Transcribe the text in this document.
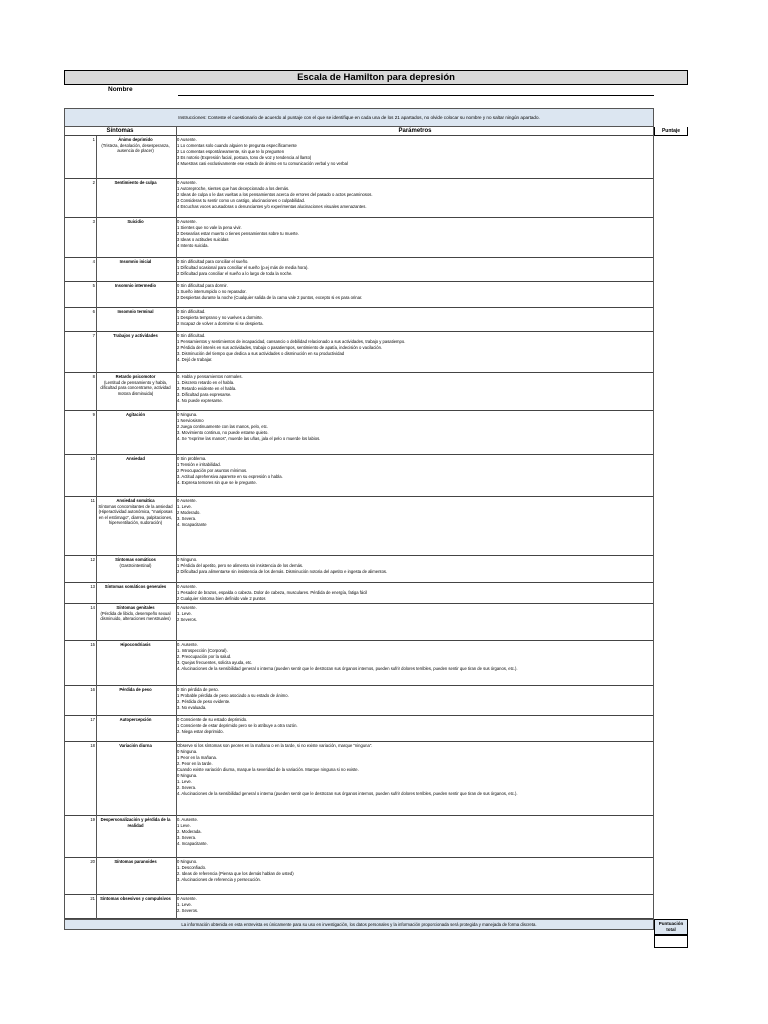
Escala de Hamilton para depresión
Nombre
Instrucciones: Conteste el cuestionario de acuerdo al puntaje con el que se identifique en cada una de los 21 apartados, no olvide colocar su nombre y no saltar ningún apartado.
Síntomas	Parámetros	Puntaje
1	Ánimo deprimido
(Tristeza, desolación, desesperanza, ausencia de placer)
0 Ausente.
1 Lo comentas solo cuando alguien te pregunta específicamente
2 Lo comentas espontáneamente, sin que te lo pregunten
3 Es notorio (Expresión facial, postura, tono de voz y tendencia al llanto)
4 Muestras casi exclusivamente ese estado de ánimo en tu comunicación verbal y no verbal
2	Sentimiento de culpa	0 Ausente.
1 Autoreproche, sientes que has decepcionado a los demás.
2 Ideas de culpa o le das vueltas a los pensamientos acerca de errores del pasado o actos pecaminosos.
3 Consideras tu sentir como un castigo, alucinaciones o culpabilidad.
4 Escuchas voces acusadoras o denunciantes y/o experimentas alucinaciones visuales amenazantes.
3	Suicidio	0 Ausente.
1 Sientes que no vale la pena vivir.
2 Desearías estar muerto o tienes pensamientos sobre tu muerte.
3 Ideas o actitudes suicidas
4 Intento suicida.
4	Insomnio inicial	0 Sin dificultad para conciliar el sueño.
1 Dificultad ocasional para conciliar el sueño (p.ej más de media hora).
2 Dificultad para conciliar el sueño a lo largo de toda la noche.
5	Insomnio intermedio	0 Sin dificultad para dormir.
1 Sueño interrumpido o no reparador.
2 Despiertas durante la noche (Cualquier salida de la cama vale 2 puntos, excepto si es para orinar.
6	Insomnio terminal	0 Sin dificultad.
1 Despierta temprano y no vuelves a dormirte.
2 Incapaz de volver a dormirse si se despierta.
7	Trabajos y actividades	0 Sin dificultad.
1 Pensamientos y sentimientos de incapacidad, cansancio o debilidad relacionado a sus actividades, trabajo y pasatiempo.
2 Pérdida del interés en sus actividades, trabajo o pasatiempos, sentimiento de apatía, indecisión o vacilación.
3. Disminución del tiempo que dedica a sus actividades o disminución en su productividad
4. Dejó de trabajar.
8	Retardo psicomotor
(Lentitud de pensamiento y habla, dificultad para concentrarse, actividad motora disminuida)
0. Habla y pensamientos normales.
1. Discreto retardo en el habla.
2. Retardo evidente en el habla.
3. Dificultad para expresarse.
4. No puede expresarse.
9	Agitación	0 Ninguna.
1 Nerviosismo
2 Juega continuamente con las manos, pelo, etc.
3. Movimiento continuo, no puede estarse quieto.
4. Se "exprime las manos", muerde las uñas, jala el pelo o muerde los labios.
10	Ansiedad	0 Sin problema.
1 Tensión e irritabilidad.
2 Preocupación por asuntos mínimos.
3. Actitud aprehensiva aparente en su expresión o habla.
4. Expresa temores sin que se le pregunte.
11	Ansiedad somática
Síntomas concomitantes de la ansiedad (Hiperactividad autonómica, "mariposas en el estómago", diarrea, palpitaciones, hiperventilación, sudoración)
0 Ausente.
1. Leve.
2 Moderado.
3. Severa.
4. Incapacitante
12	Síntomas somáticos
(Gastrointestinal)
0 Ninguno.
1 Pérdida del apetito, pero se alimenta sin insistencia de los demás.
2 Dificultad para alimentarse sin insistencia de los demás. Disminución notoria del apetito e ingesta de alimentos.
13	Síntomas somáticos generales	0 Ausente.
1 Pesadez de brazos, espalda o cabeza. Dolor de cabeza, musculares. Pérdida de energía, fatiga fácil
2 Cualquier síntoma bien definido vale 2 puntos
14	Síntomas genitales
(Pérdida de libido, desempeño sexual disminuido, alteraciones menstruales)
0 Ausente.
1. Leve.
2 Severos.
15	Hipocondriasis	0. Ausente.
1. Introspección (Corporal).
2. Preocupación por la salud.
3. Quejas frecuentes, solicita ayuda, etc.
4. Alucinaciones de la sensibilidad general o interna (pueden sentir que le destrozan sus órganos internos, pueden sufrir dolores terribles, pueden sentir que tiran de sus órganos, etc.).
16	Pérdida de peso	0 Sin pérdida de peso.
1 Probable pérdida de peso asociado a su estado de ánimo.
2. Pérdida de peso evidente.
3. No evaluada.
17	Autopercepción	0 Consciente de su estado deprimido.
1 Consciente de estar deprimido pero se lo atribuye a otra razón.
2. Niega estar deprimido.
18	Variación diurna	Observe si los síntomas son peores en la mañana o en la tarde, si no existe variación, marque "ninguna".
0 Ninguna.
1 Peor en la mañana.
2. Peor en la tarde.
Cuando existe variación diurna, marque la severidad de la variación. Marque ninguna si no existe.
0 Ninguna.
1. Leve.
2. Severa.
4. Alucinaciones de la sensibilidad general o interna (pueden sentir que le destrozan sus órganos internos, pueden sufrir dolores terribles, pueden sentir que tiran de sus órganos, etc.).
19	Despersonalización y pérdida de la realidad
0. Ausente.
1 Leve.
2. Moderada.
3. Severa.
4. Incapacitante.
20	Síntomas paranoides	0 Ninguno.
1. Desconfiado.
2. Ideas de referencia (Piensa que los demás hablan de usted)
3. Alucinaciones de referencia y persecución.
21	Síntomas obsesivos y compulsivos	0 Ausente.
1. Leve.
2. Severos.
La información obtenida en esta entrevista es únicamente para su uso en investigación, los datos personales y la información proporcionada será protegida y manejada de forma discreta.	Puntuación total
